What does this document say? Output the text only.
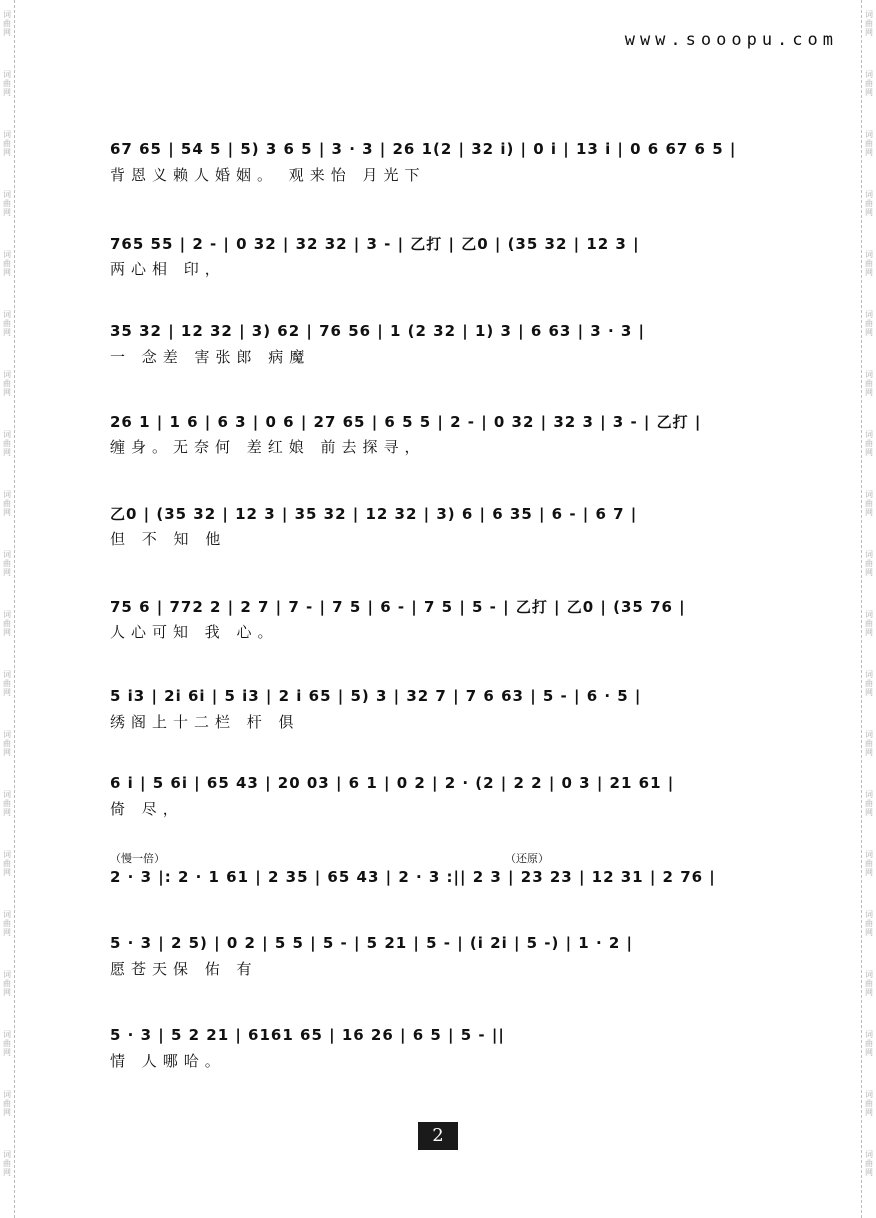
词曲网
词曲网
词曲网
词曲网
词曲网
词曲网
词曲网
词曲网
词曲网
词曲网
词曲网
词曲网
词曲网
词曲网
词曲网
词曲网
词曲网
词曲网
词曲网
词曲网
词曲网
词曲网
词曲网
词曲网
词曲网
词曲网
词曲网
词曲网
词曲网
词曲网
词曲网
词曲网
词曲网
词曲网
词曲网
词曲网
词曲网
词曲网
词曲网
词曲网
www.sooopu.com
67 65 | 54 5 | 5) 3 6 5 | 3 · 3 | 26 1(2 | 32 i) | 0 i | 13 i | 0 6 67 6 5 |
背恩义赖人婚姻。 观来怡 月光下
765 55 | 2 - | 0 32 | 32 32 | 3 - | 乙打 | 乙0 | (35 32 | 12 3 |
两心相 印，
35 32 | 12 32 | 3) 62 | 76 56 | 1 (2 32 | 1) 3 | 6 63 | 3 · 3 |
一 念差 害张郎 病魔
26 1 | 1 6 | 6 3 | 0 6 | 27 65 | 6 5 5 | 2 - | 0 32 | 32 3 | 3 - | 乙打 |
缠身。无奈何 差红娘 前去探寻，
乙0 | (35 32 | 12 3 | 35 32 | 12 32 | 3) 6 | 6 35 | 6 - | 6 7 |
但 不 知 他
75 6 | 772 2 | 2 7 | 7 - | 7 5 | 6 - | 7 5 | 5 - | 乙打 | 乙0 | (35 76 |
人心可知 我 心。
5 i3 | 2i 6i | 5 i3 | 2 i 65 | 5) 3 | 32 7 | 7 6 63 | 5 - | 6 · 5 |
绣阁上十二栏 杆 俱
6 i | 5 6i | 65 43 | 20 03 | 6 1 | 0 2 | 2 · (2 | 2 2 | 0 3 | 21 61 |
倚 尽，
（慢一倍）	（还原）
2 · 3 |: 2 · 1 61 | 2 35 | 65 43 | 2 · 3 :|| 2 3 | 23 23 | 12 31 | 2 76 |
5 · 3 | 2 5) | 0 2 | 5 5 | 5 - | 5 21 | 5 - | (i 2i | 5 -) | 1 · 2 |
愿苍天保 佑 有
5 · 3 | 5 2 21 | 6161 65 | 16 26 | 6 5 | 5 - ||
情 人哪哈。
2
